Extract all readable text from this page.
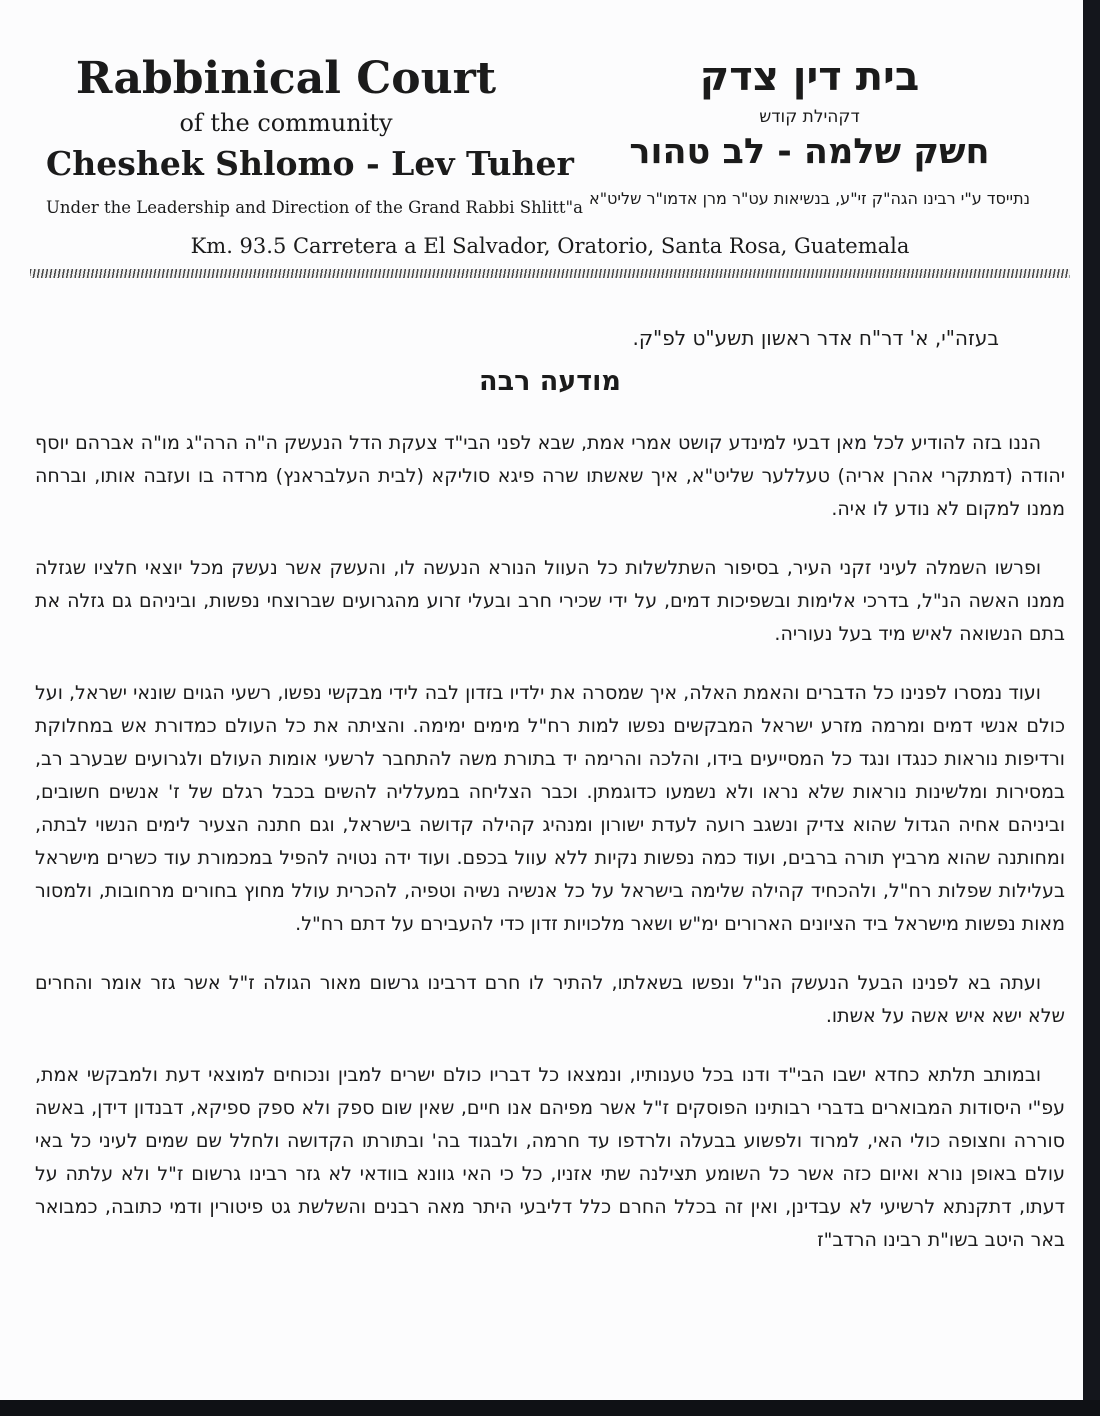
Rabbinical Court
of the community
Cheshek Shlomo - Lev Tuher
Under the Leadership and Direction of the Grand Rabbi Shlitt"a
בית דין צדק
דקהילת קודש
חשק שלמה - לב טהור
נתייסד ע"י רבינו הגה"ק זי"ע, בנשיאות עט"ר מרן אדמו"ר שליט"א
Km. 93.5 Carretera a El Salvador, Oratorio, Santa Rosa, Guatemala
בעזה"י, א' דר"ח אדר ראשון תשע"ט לפ"ק.
מודעה רבה

הננו בזה להודיע לכל מאן דבעי למינדע קושט אמרי אמת, שבא לפני הבי"ד צעקת הדל הנעשק ה"ה הרה"ג מו"ה אברהם יוסף יהודה (דמתקרי אהרן אריה) טעללער שליט"א, איך שאשתו שרה פיגא סוליקא (לבית העלבראנץ) מרדה בו ועזבה אותו, וברחה ממנו למקום לא נודע לו איה.

ופרשו השמלה לעיני זקני העיר, בסיפור השתלשלות כל העוול הנורא הנעשה לו, והעשק אשר נעשק מכל יוצאי חלציו שגזלה ממנו האשה הנ"ל, בדרכי אלימות ובשפיכות דמים, על ידי שכירי חרב ובעלי זרוע מהגרועים שברוצחי נפשות, וביניהם גם גזלה את בתם הנשואה לאיש מיד בעל נעוריה.

ועוד נמסרו לפנינו כל הדברים והאמת האלה, איך שמסרה את ילדיו בזדון לבה לידי מבקשי נפשו, רשעי הגוים שונאי ישראל, ועל כולם אנשי דמים ומרמה מזרע ישראל המבקשים נפשו למות רח"ל מימים ימימה. והציתה את כל העולם כמדורת אש במחלוקת ורדיפות נוראות כנגדו ונגד כל המסייעים בידו, והלכה והרימה יד בתורת משה להתחבר לרשעי אומות העולם ולגרועים שבערב רב, במסירות ומלשינות נוראות שלא נראו ולא נשמעו כדוגמתן. וכבר הצליחה במעלליה להשים בכבל רגלם של ז' אנשים חשובים, וביניהם אחיה הגדול שהוא צדיק ונשגב רועה לעדת ישורון ומנהיג קהילה קדושה בישראל, וגם חתנה הצעיר לימים הנשוי לבתה, ומחותנה שהוא מרביץ תורה ברבים, ועוד כמה נפשות נקיות ללא עוול בכפם. ועוד ידה נטויה להפיל במכמורת עוד כשרים מישראל בעלילות שפלות רח"ל, ולהכחיד קהילה שלימה בישראל על כל אנשיה נשיה וטפיה, להכרית עולל מחוץ בחורים מרחובות, ולמסור מאות נפשות מישראל ביד הציונים הארורים ימ"ש ושאר מלכויות זדון כדי להעבירם על דתם רח"ל.

ועתה בא לפנינו הבעל הנעשק הנ"ל ונפשו בשאלתו, להתיר לו חרם דרבינו גרשום מאור הגולה ז"ל אשר גזר אומר והחרים שלא ישא איש אשה על אשתו.

ובמותב תלתא כחדא ישבו הבי"ד ודנו בכל טענותיו, ונמצאו כל דבריו כולם ישרים למבין ונכוחים למוצאי דעת ולמבקשי אמת, עפ"י היסודות המבוארים בדברי רבותינו הפוסקים ז"ל אשר מפיהם אנו חיים, שאין שום ספק ולא ספק ספיקא, דבנדון דידן, באשה סוררה וחצופה כולי האי, למרוד ולפשוע בבעלה ולרדפו עד חרמה, ולבגוד בה' ובתורתו הקדושה ולחלל שם שמים לעיני כל באי עולם באופן נורא ואיום כזה אשר כל השומע תצילנה שתי אזניו, כל כי האי גוונא בוודאי לא גזר רבינו גרשום ז"ל ולא עלתה על דעתו, דתקנתא לרשיעי לא עבדינן, ואין זה בכלל החרם כלל דליבעי היתר מאה רבנים והשלשת גט פיטורין ודמי כתובה, כמבואר באר היטב בשו"ת רבינו הרדב"ז
